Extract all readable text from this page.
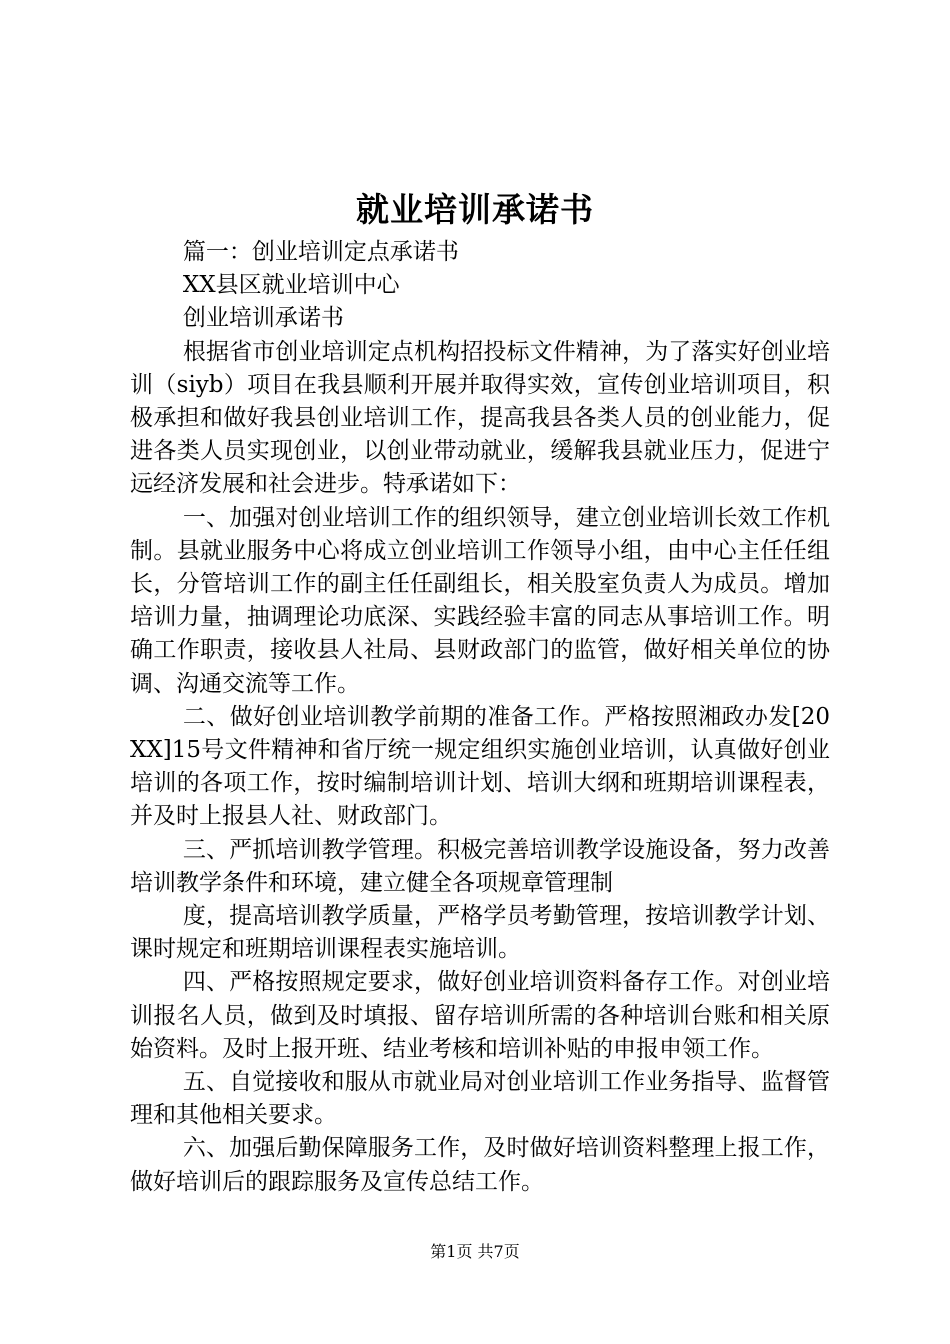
就业培训承诺书

篇一：创业培训定点承诺书

XX县区就业培训中心

创业培训承诺书

根据省市创业培训定点机构招投标文件精神，为了落实好创业培训（siyb）项目在我县顺利开展并取得实效，宣传创业培训项目，积极承担和做好我县创业培训工作，提高我县各类人员的创业能力，促进各类人员实现创业，以创业带动就业，缓解我县就业压力，促进宁远经济发展和社会进步。特承诺如下：

一、加强对创业培训工作的组织领导，建立创业培训长效工作机制。县就业服务中心将成立创业培训工作领导小组，由中心主任任组长，分管培训工作的副主任任副组长，相关股室负责人为成员。增加培训力量，抽调理论功底深、实践经验丰富的同志从事培训工作。明确工作职责，接收县人社局、县财政部门的监管，做好相关单位的协调、沟通交流等工作。

二、做好创业培训教学前期的准备工作。严格按照湘政办发[20XX]15号文件精神和省厅统一规定组织实施创业培训，认真做好创业培训的各项工作，按时编制培训计划、培训大纲和班期培训课程表，并及时上报县人社、财政部门。

三、严抓培训教学管理。积极完善培训教学设施设备，努力改善培训教学条件和环境，建立健全各项规章管理制

度，提高培训教学质量，严格学员考勤管理，按培训教学计划、课时规定和班期培训课程表实施培训。

四、严格按照规定要求，做好创业培训资料备存工作。对创业培训报名人员，做到及时填报、留存培训所需的各种培训台账和相关原始资料。及时上报开班、结业考核和培训补贴的申报申领工作。

五、自觉接收和服从市就业局对创业培训工作业务指导、监督管理和其他相关要求。

六、加强后勤保障服务工作，及时做好培训资料整理上报工作，做好培训后的跟踪服务及宣传总结工作。

第1页 共7页
